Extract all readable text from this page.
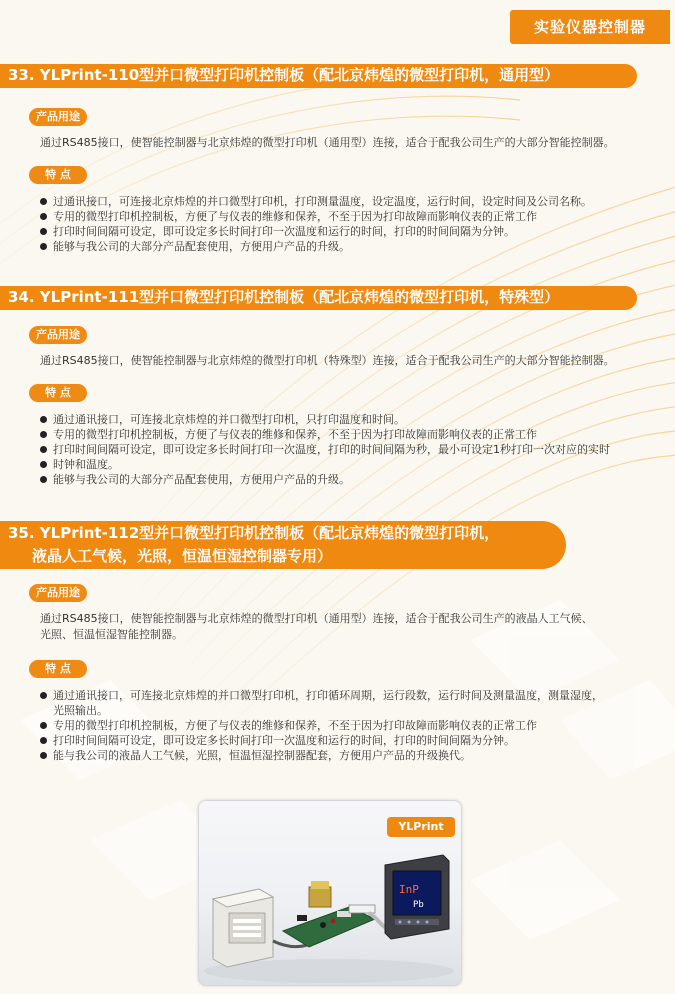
实验仪器控制器
33. YLPrint-110型并口微型打印机控制板（配北京炜煌的微型打印机，通用型）
产品用途
通过RS485接口，使智能控制器与北京炜煌的微型打印机（通用型）连接，适合于配我公司生产的大部分智能控制器。
特 点
过通讯接口，可连接北京炜煌的并口微型打印机，打印测量温度，设定温度，运行时间，设定时间及公司名称。
专用的微型打印机控制板，方便了与仪表的维修和保养，不至于因为打印故障而影响仪表的正常工作
打印时间间隔可设定，即可设定多长时间打印一次温度和运行的时间，打印的时间间隔为分钟。
能够与我公司的大部分产品配套使用，方便用户产品的升级。
34. YLPrint-111型并口微型打印机控制板（配北京炜煌的微型打印机，特殊型）
产品用途
通过RS485接口，使智能控制器与北京炜煌的微型打印机（特殊型）连接，适合于配我公司生产的大部分智能控制器。
特 点
通过通讯接口，可连接北京炜煌的并口微型打印机，只打印温度和时间。
专用的微型打印机控制板，方便了与仪表的维修和保养，不至于因为打印故障而影响仪表的正常工作
打印时间间隔可设定，即可设定多长时间打印一次温度，打印的时间间隔为秒，最小可设定1秒打印一次对应的实时
时钟和温度。
能够与我公司的大部分产品配套使用，方便用户产品的升级。
35. YLPrint-112型并口微型打印机控制板（配北京炜煌的微型打印机，
液晶人工气候，光照，恒温恒湿控制器专用）
产品用途
通过RS485接口，使智能控制器与北京炜煌的微型打印机（通用型）连接，适合于配我公司生产的液晶人工气候、
光照、恒温恒湿智能控制器。
特 点
通过通讯接口，可连接北京炜煌的并口微型打印机，打印循环周期，运行段数，运行时间及测量温度，测量湿度，
光照输出。
专用的微型打印机控制板，方便了与仪表的维修和保养，不至于因为打印故障而影响仪表的正常工作
打印时间间隔可设定，即可设定多长时间打印一次温度和运行的时间，打印的时间间隔为分钟。
能与我公司的液晶人工气候，光照，恒温恒湿控制器配套，方便用户产品的升级换代。
YLPrint
InP
Pb
